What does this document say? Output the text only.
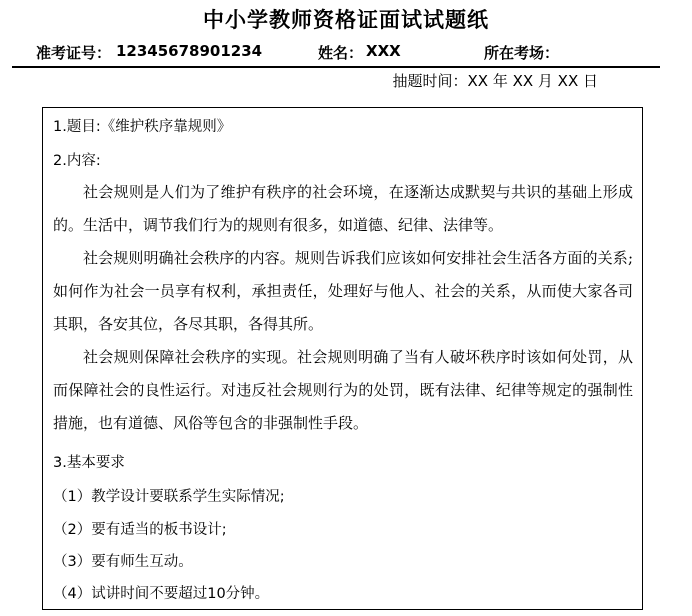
中小学教师资格证面试试题纸
准考证号： 12345678901234	姓名： XXX	所在考场：
抽题时间：XX 年 XX 月 XX 日
1.题目:《维护秩序靠规则》
2.内容:

社会规则是人们为了维护有秩序的社会环境，在逐渐达成默契与共识的基础上形成的。生活中，调节我们行为的规则有很多，如道德、纪律、法律等。

社会规则明确社会秩序的内容。规则告诉我们应该如何安排社会生活各方面的关系;如何作为社会一员享有权利，承担责任，处理好与他人、社会的关系，从而使大家各司其职，各安其位，各尽其职，各得其所。

社会规则保障社会秩序的实现。社会规则明确了当有人破坏秩序时该如何处罚，从而保障社会的良性运行。对违反社会规则行为的处罚，既有法律、纪律等规定的强制性措施，也有道德、风俗等包含的非强制性手段。

3.基本要求
（1）教学设计要联系学生实际情况;
（2）要有适当的板书设计;
（3）要有师生互动。
（4）试讲时间不要超过10分钟。
